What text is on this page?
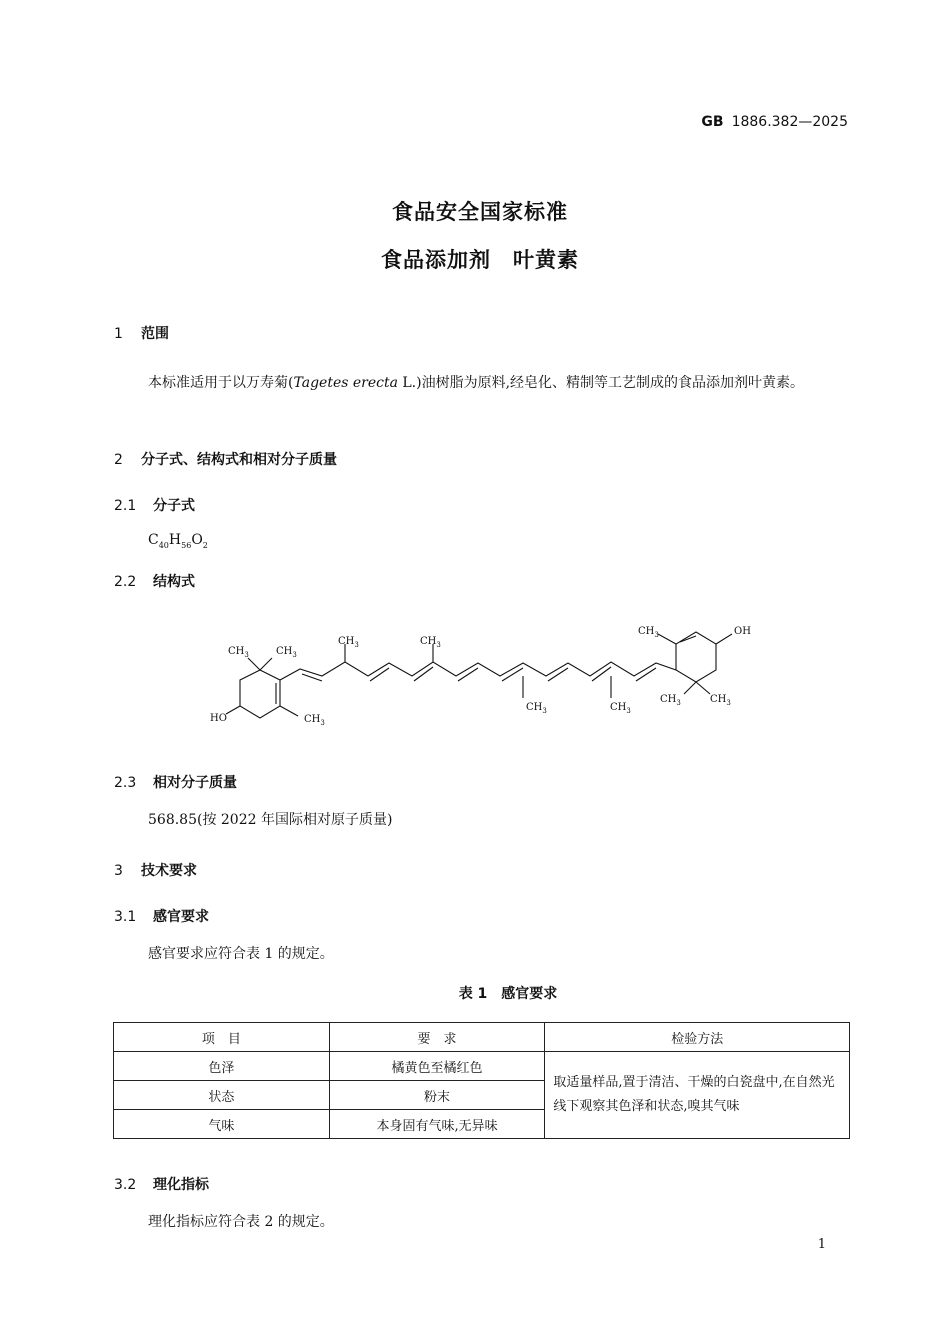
GB 1886.382—2025
食品安全国家标准
食品添加剂　叶黄素
1 范围
本标准适用于以万寿菊(Tagetes erecta L.)油树脂为原料,经皂化、精制等工艺制成的食品添加剂叶黄素。
2 分子式、结构式和相对分子质量
2.1 分子式
$C_{40}H_{56}O_2$
2.2 结构式
$CH_3$	$CH_3$
$CH_3$
HO
$CH_3$	$CH_3$
$CH_3$	$CH_3$
$CH_3$	OH
$CH_3$	$CH_3$
2.3 相对分子质量
568.85(按 2022 年国际相对原子质量)
3 技术要求
3.1 感官要求
感官要求应符合表 1 的规定。
表 1　感官要求
项　目	要　求	检验方法
色泽	橘黄色至橘红色	取适量样品,置于清洁、干燥的白瓷盘中,在自然光线下观察其色泽和状态,嗅其气味
状态	粉末	
气味	本身固有气味,无异味	
3.2 理化指标
理化指标应符合表 2 的规定。
1
